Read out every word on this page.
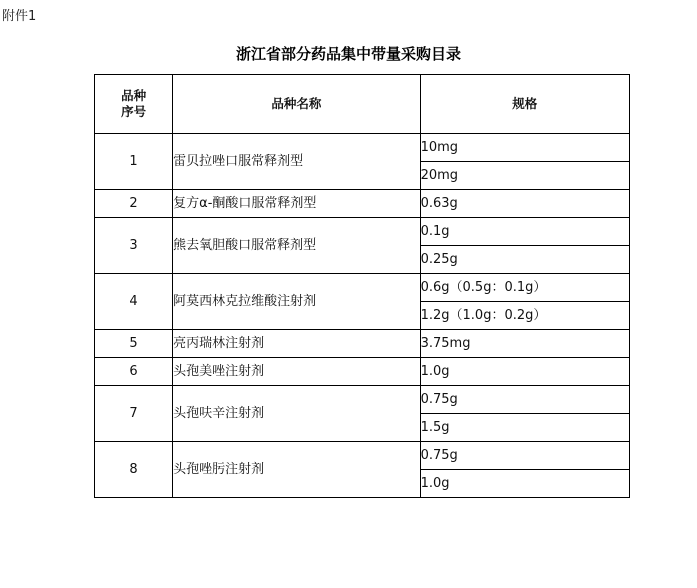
附件1
浙江省部分药品集中带量采购目录
品种
序号	品种名称	规格
1	雷贝拉唑口服常释剂型	10mg
		20mg
2	复方α-酮酸口服常释剂型	0.63g
3	熊去氧胆酸口服常释剂型	0.1g
		0.25g
4	阿莫西林克拉维酸注射剂	0.6g（0.5g：0.1g）
		1.2g（1.0g：0.2g）
5	亮丙瑞林注射剂	3.75mg
6	头孢美唑注射剂	1.0g
7	头孢呋辛注射剂	0.75g
		1.5g
8	头孢唑肟注射剂	0.75g
		1.0g
